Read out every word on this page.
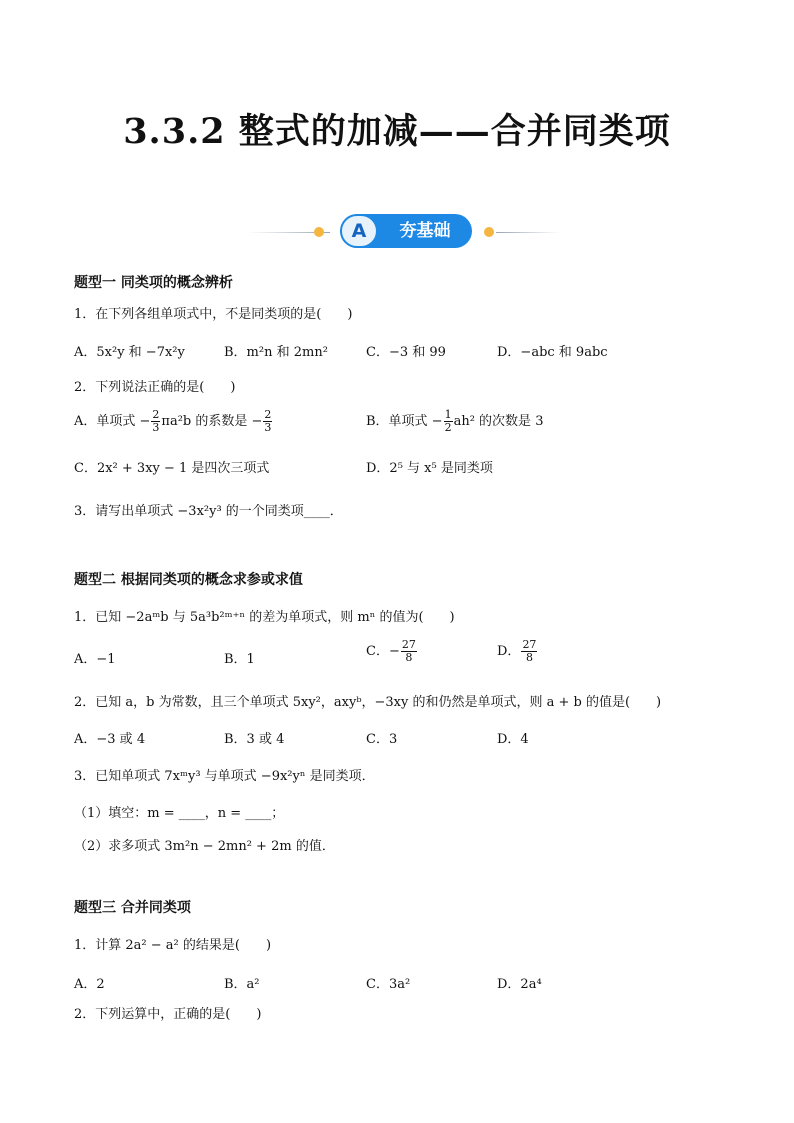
3.3.2 整式的加减——合并同类项
A	夯基础
题型一 同类项的概念辨析
1．在下列各组单项式中，不是同类项的是(　　)
A．5x²y 和 −7x²y	B．m²n 和 2mn²	C．−3 和 99	D．−abc 和 9abc
2．下列说法正确的是(　　)
A．单项式 − $\frac{2}{3} \pi a^2b$ 的系数是 − $\frac{2}{3}$	B．单项式 − $\frac{1}{2} ah^2$ 的次数是 3
C．2x² + 3xy − 1 是四次三项式	D．2⁵ 与 x⁵ 是同类项
3．请写出单项式 −3x²y³ 的一个同类项____．
题型二 根据同类项的概念求参或求值
1．已知 −2aᵐb 与 5a³b²ᵐ⁺ⁿ 的差为单项式，则 mⁿ 的值为(　　)
A．−1	B．1
C．− $\frac{27}{8}$	D． $\frac{27}{8}$
2．已知 a，b 为常数，且三个单项式 5xy²，axyᵇ，−3xy 的和仍然是单项式，则 a + b 的值是(　　)
A．−3 或 4	B．3 或 4	C．3	D．4
3．已知单项式 7xᵐy³ 与单项式 −9x²yⁿ 是同类项．
（1）填空：m = ____，n = ____；
（2）求多项式 3m²n − 2mn² + 2m 的值．
题型三 合并同类项
1．计算 2a² − a² 的结果是(　　)
A．2	B．a²	C．3a²	D．2a⁴
2．下列运算中，正确的是(　　)
